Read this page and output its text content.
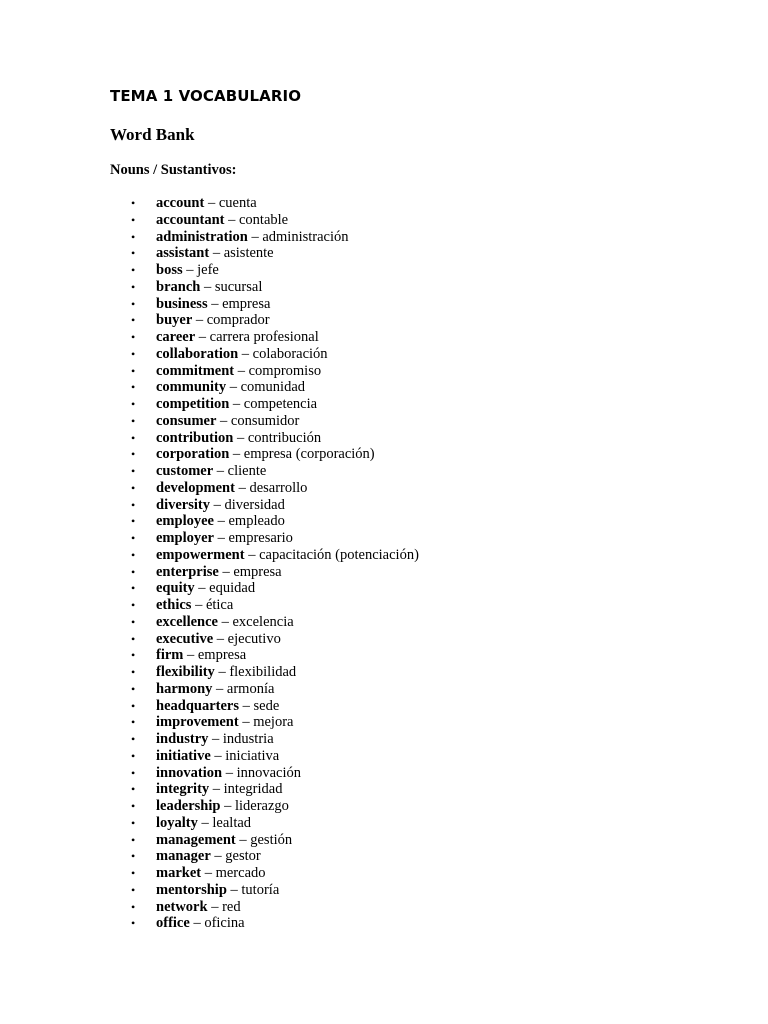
TEMA 1 VOCABULARIO
Word Bank
Nouns / Sustantivos:
• account – cuenta
• accountant – contable
• administration – administración
• assistant – asistente
• boss – jefe
• branch – sucursal
• business – empresa
• buyer – comprador
• career – carrera profesional
• collaboration – colaboración
• commitment – compromiso
• community – comunidad
• competition – competencia
• consumer – consumidor
• contribution – contribución
• corporation – empresa (corporación)
• customer – cliente
• development – desarrollo
• diversity – diversidad
• employee – empleado
• employer – empresario
• empowerment – capacitación (potenciación)
• enterprise – empresa
• equity – equidad
• ethics – ética
• excellence – excelencia
• executive – ejecutivo
• firm – empresa
• flexibility – flexibilidad
• harmony – armonía
• headquarters – sede
• improvement – mejora
• industry – industria
• initiative – iniciativa
• innovation – innovación
• integrity – integridad
• leadership – liderazgo
• loyalty – lealtad
• management – gestión
• manager – gestor
• market – mercado
• mentorship – tutoría
• network – red
• office – oficina
